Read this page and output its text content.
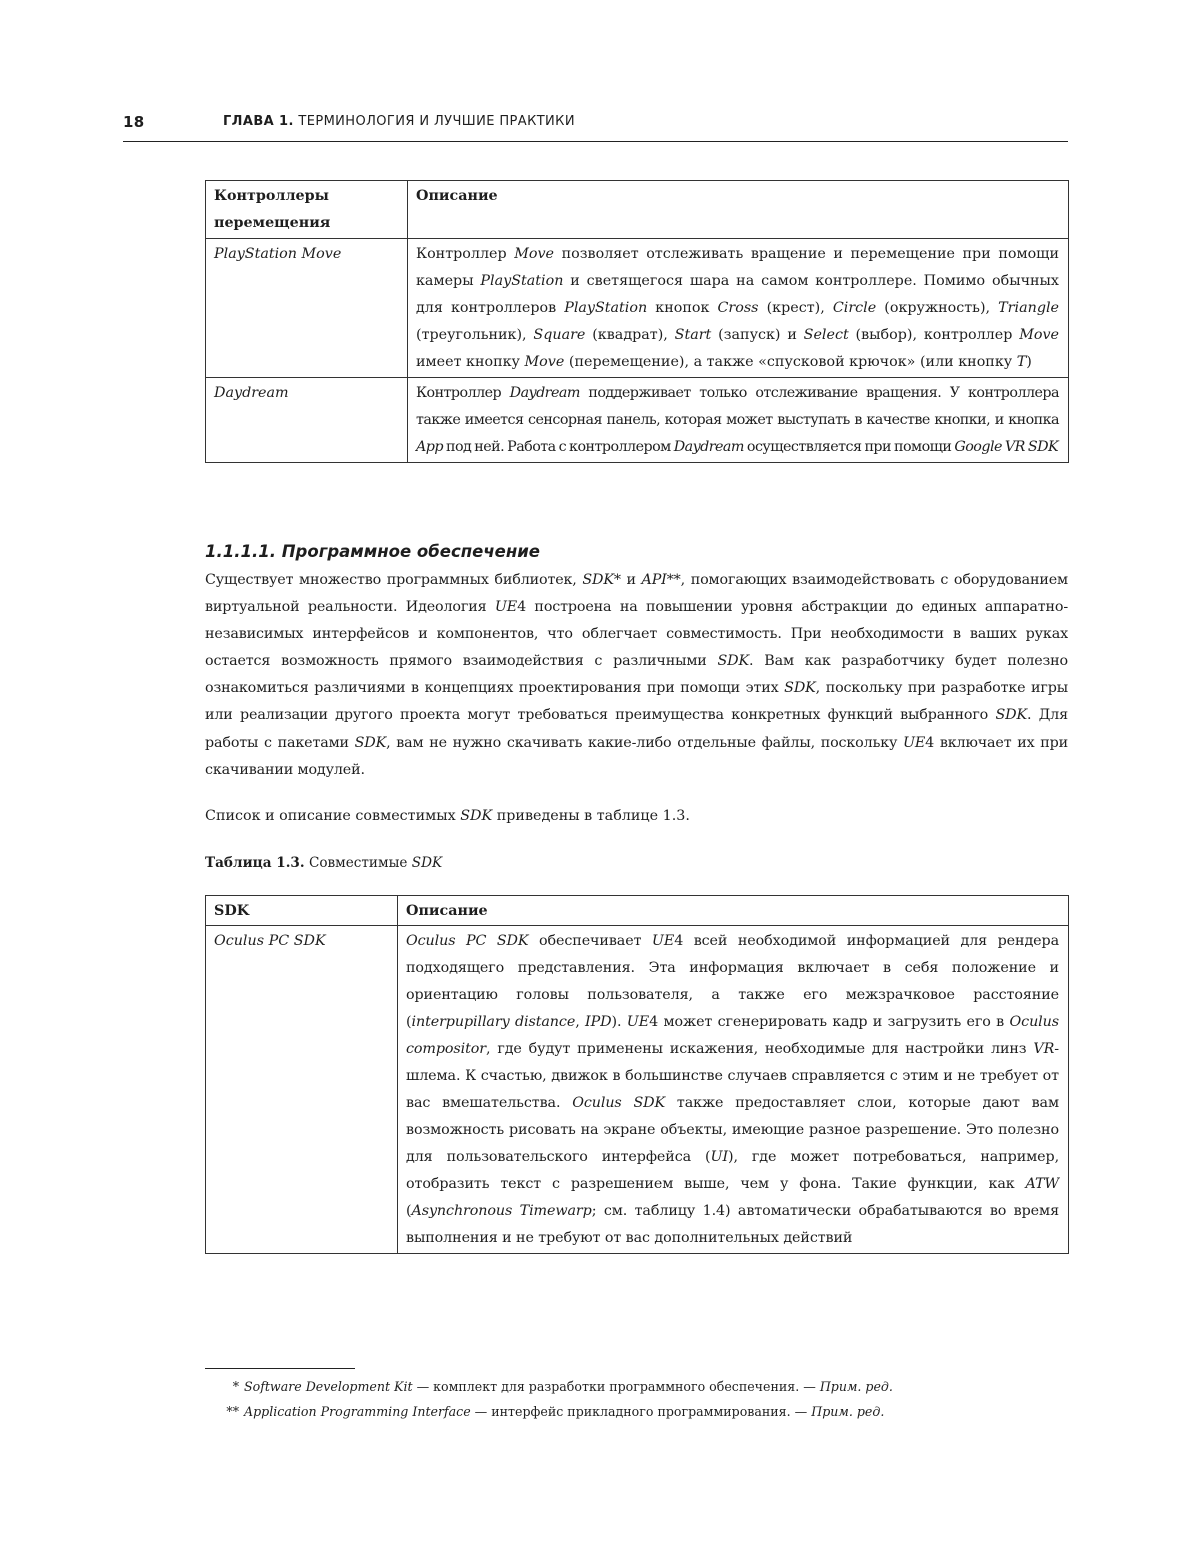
18	ГЛАВА 1. ТЕРМИНОЛОГИЯ И ЛУЧШИЕ ПРАКТИКИ
Контроллеры перемещения	Описание
PlayStation Move	Контроллер Move позволяет отслеживать вращение и перемещение при помощи камеры PlayStation и светящегося шара на самом контроллере. Помимо обычных для контроллеров PlayStation кнопок Cross (крест), Circle (окружность), Triangle (треугольник), Square (квадрат), Start (запуск) и Select (выбор), контроллер Move имеет кнопку Move (перемещение), а также «спусковой крючок» (или кнопку T)
Daydream	Контроллер Daydream поддерживает только отслеживание вращения. У контроллера также имеется сенсорная панель, которая может выступать в качестве кнопки, и кнопка App под ней. Работа с контроллером Daydream осуществляется при помощи Google VR SDK
1.1.1.1. Программное обеспечение
Существует множество программных библиотек, SDK* и API**, помогающих взаимодействовать с оборудованием виртуальной реальности. Идеология UE4 построена на повышении уровня абстракции до единых аппаратно-независимых интерфейсов и компонентов, что облегчает совместимость. При необходимости в ваших руках остается возможность прямого взаимодействия с различными SDK. Вам как разработчику будет полезно ознакомиться различиями в концепциях проектирования при помощи этих SDK, поскольку при разработке игры или реализации другого проекта могут требоваться преимущества конкретных функций выбранного SDK. Для работы с пакетами SDK, вам не нужно скачивать какие-либо отдельные файлы, поскольку UE4 включает их при скачивании модулей.
Список и описание совместимых SDK приведены в таблице 1.3.
Таблица 1.3. Совместимые SDK
SDK	Описание
Oculus PC SDK	Oculus PC SDK обеспечивает UE4 всей необходимой информацией для рендера подходящего представления. Эта информация включает в себя положение и ориентацию головы пользователя, а также его межзрачковое расстояние (interpupillary distance, IPD). UE4 может сгенерировать кадр и загрузить его в Oculus compositor, где будут применены искажения, необходимые для настройки линз VR-шлема. К счастью, движок в большинстве случаев справляется с этим и не требует от вас вмешательства. Oculus SDK также предоставляет слои, которые дают вам возможность рисовать на экране объекты, имеющие разное разрешение. Это полезно для пользовательского интерфейса (UI), где может потребоваться, например, отобразить текст с разрешением выше, чем у фона. Такие функции, как ATW (Asynchronous Timewarp; см. таблицу 1.4) автоматически обрабатываются во время выполнения и не требуют от вас дополнительных действий
* Software Development Kit — комплект для разработки программного обеспечения. — Прим. ред.
** Application Programming Interface — интерфейс прикладного программирования. — Прим. ред.
